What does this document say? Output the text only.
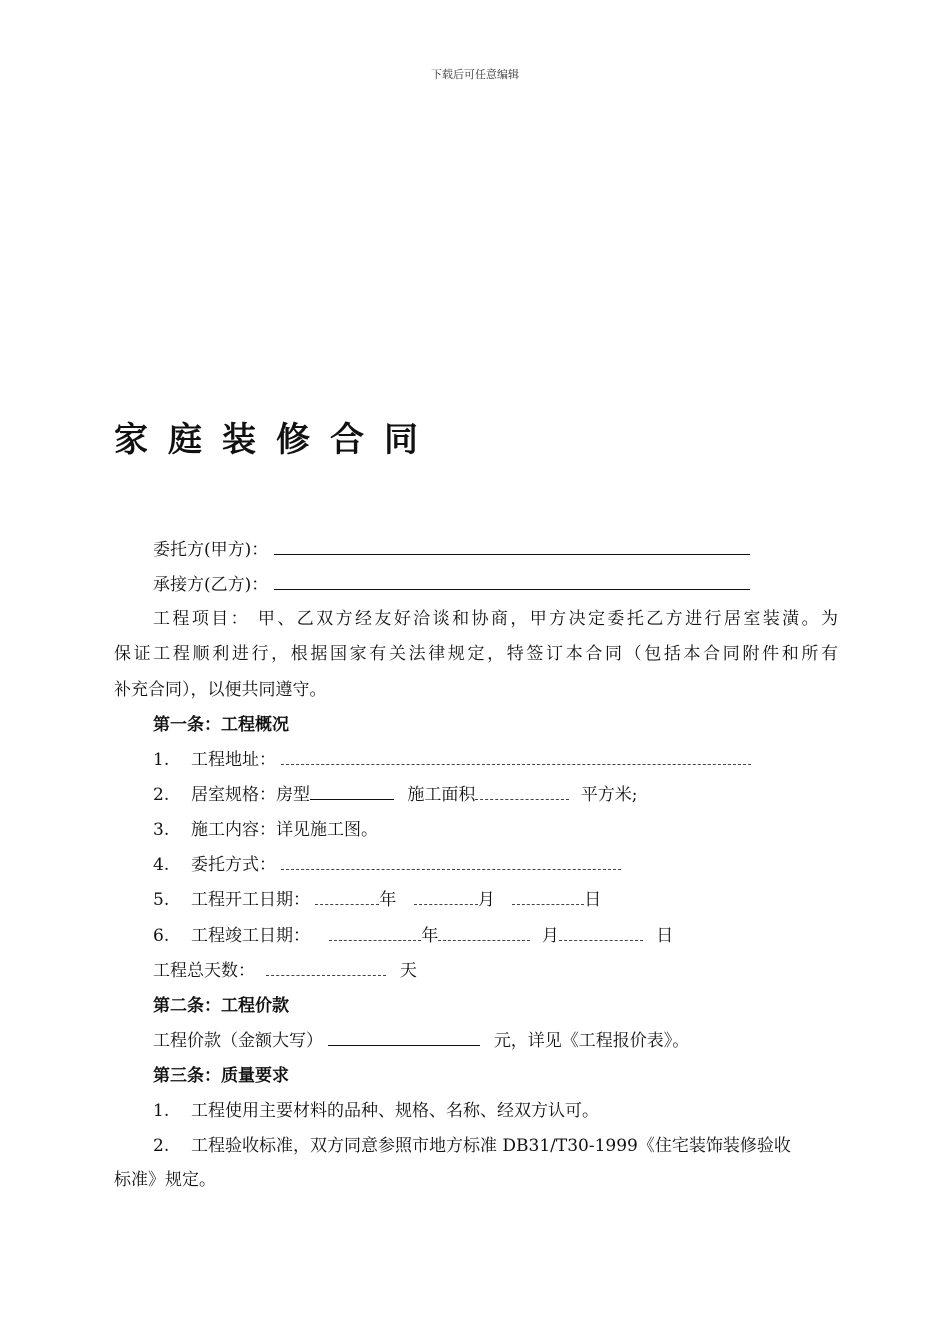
下载后可任意编辑
家庭装修合同
委托方(甲方)：
承接方(乙方)：
工程项目： 甲、乙双方经友好洽谈和协商，甲方决定委托乙方进行居室装潢。为
保证工程顺利进行，根据国家有关法律规定，特签订本合同（包括本合同附件和所有
补充合同），以便共同遵守。
第一条：工程概况
1. 工程地址：
2. 居室规格：房型	施工面积	平方米;
3. 施工内容：详见施工图。
4. 委托方式：
5. 工程开工日期：	年	月	日
6. 工程竣工日期：	年	月	日
工程总天数：	天
第二条：工程价款
工程价款（金额大写）	元，详见《工程报价表》。
第三条：质量要求
1. 工程使用主要材料的品种、规格、名称、经双方认可。
2. 工程验收标准，双方同意参照市地方标准 DB31/T30-1999《住宅装饰装修验收
标准》规定。
